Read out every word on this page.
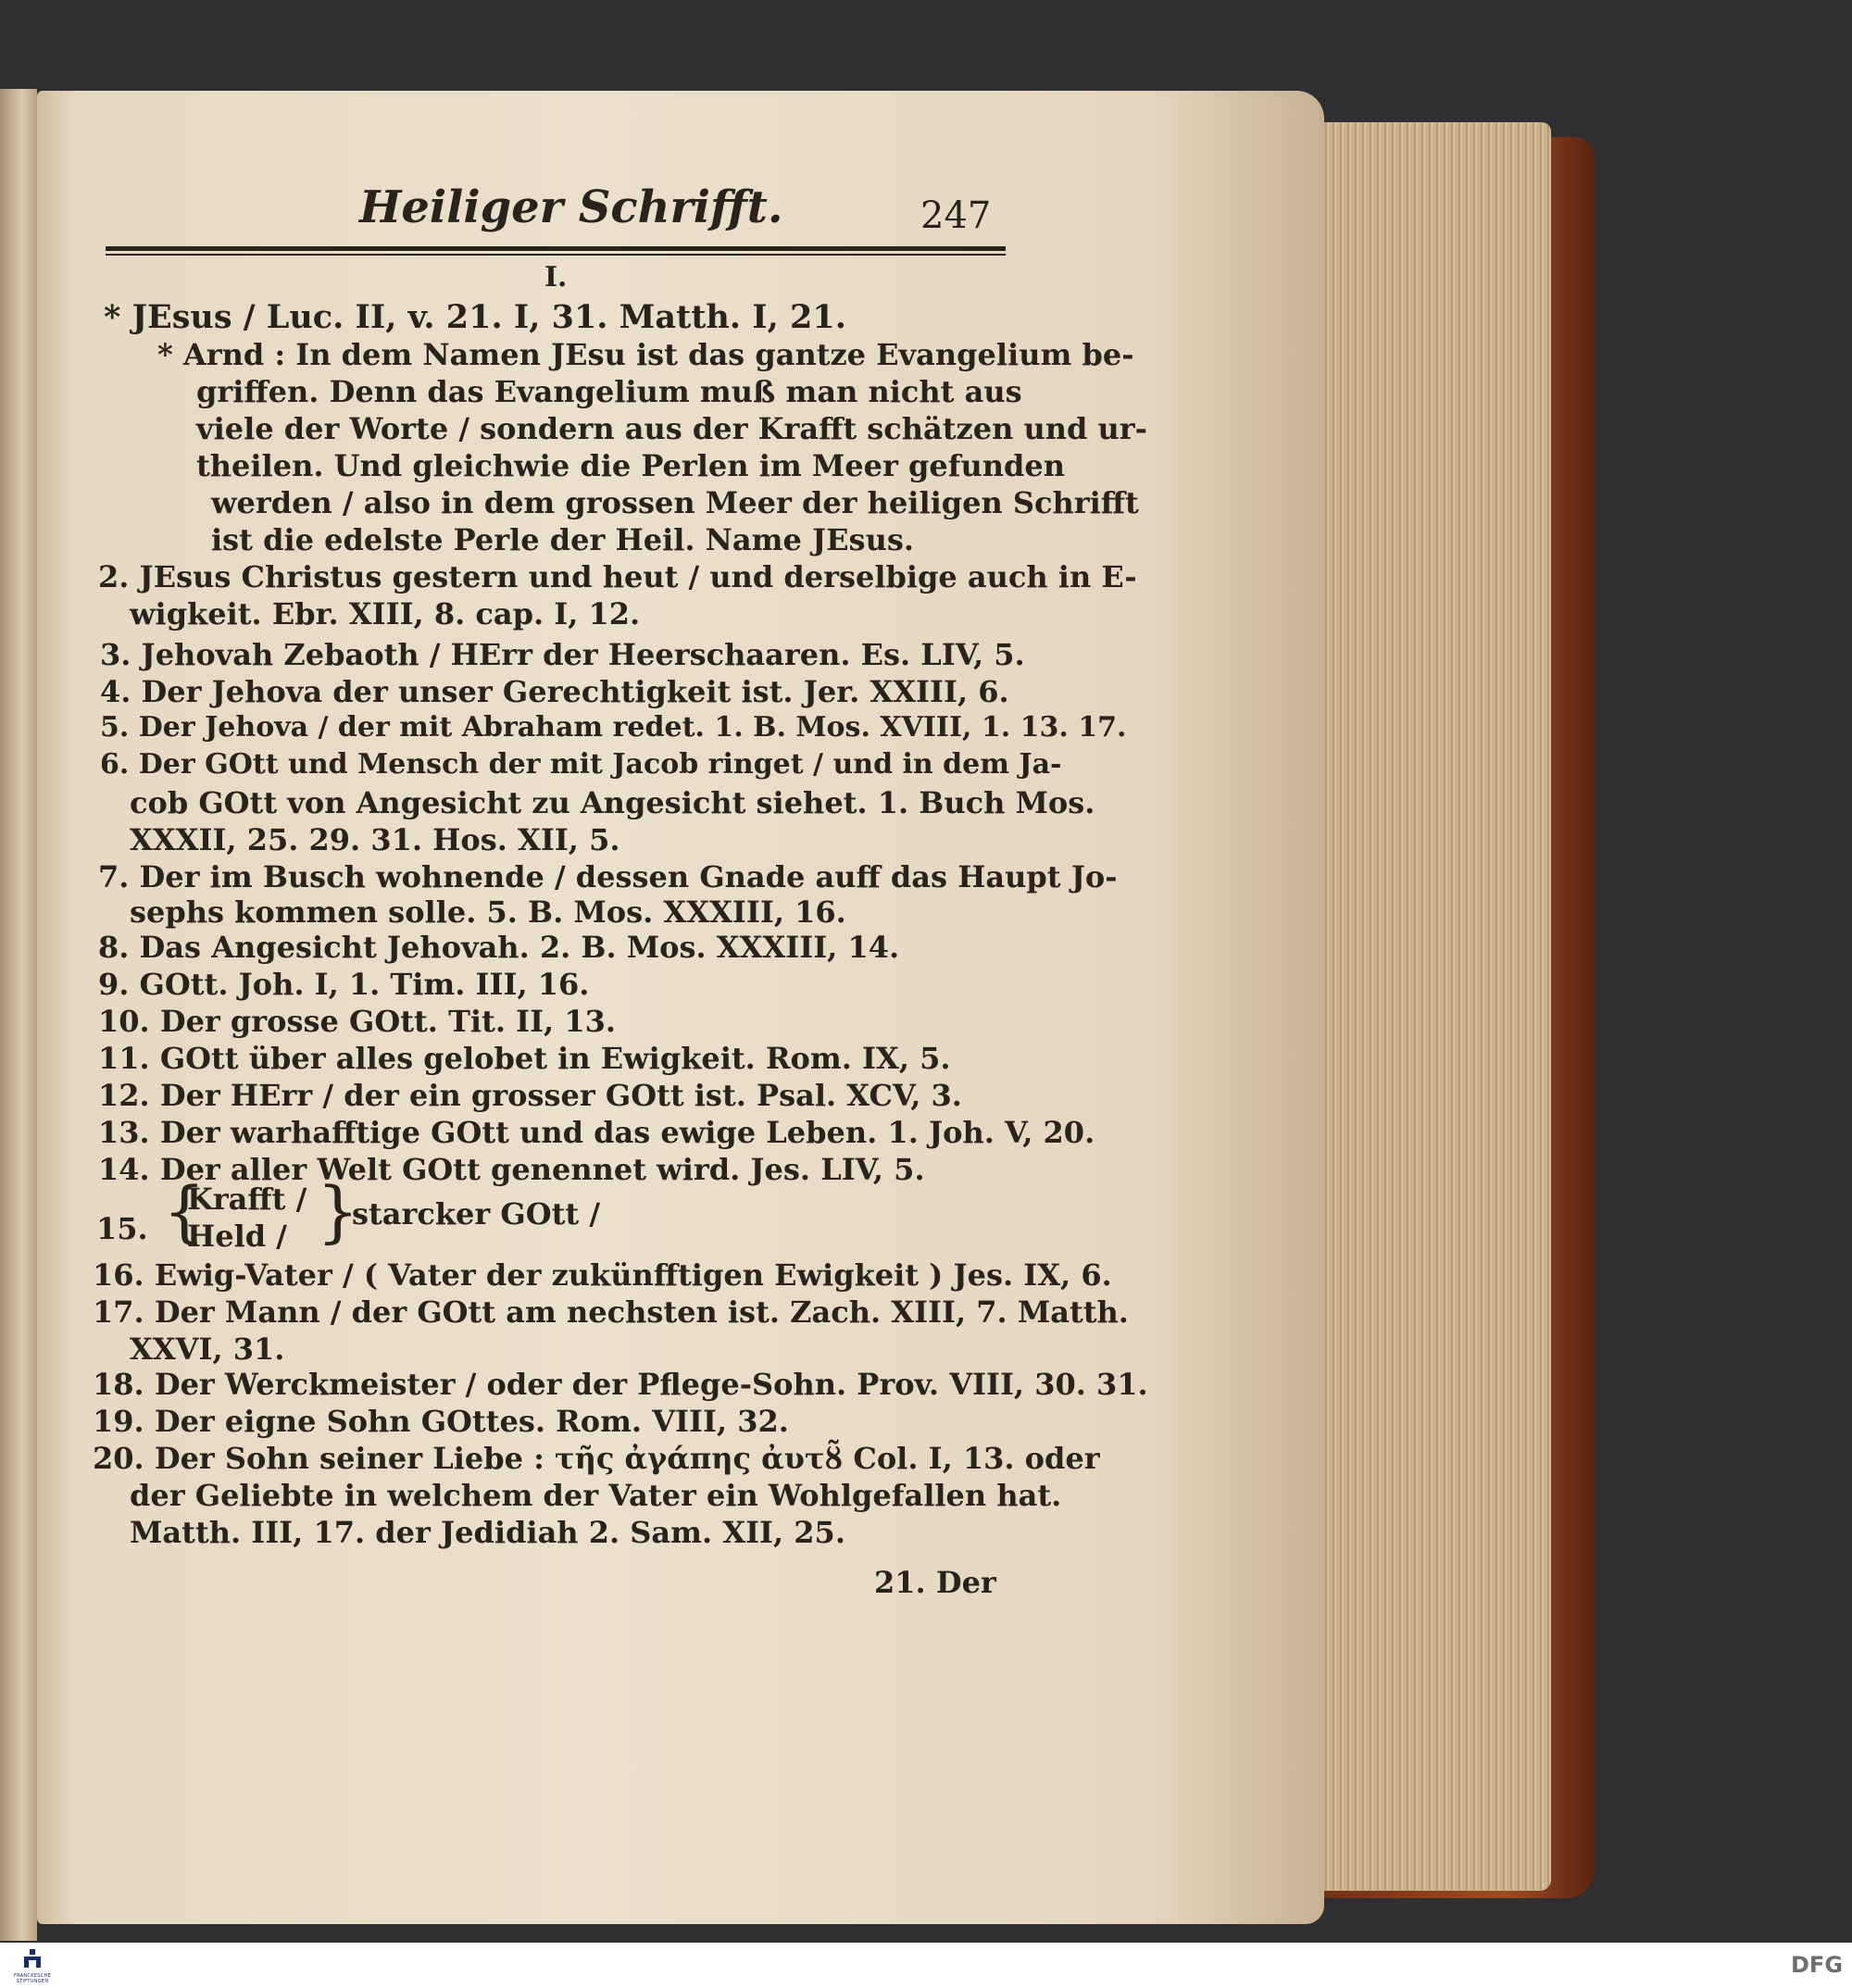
Heiliger Schrifft.	247
I.
* JEsus / Luc. II, v. 21. I, 31. Matth. I, 21.
* Arnd : In dem Namen JEsu ist das gantze Evangelium be-
griffen. Denn das Evangelium muß man nicht aus
viele der Worte / sondern aus der Krafft schätzen und ur-
theilen. Und gleichwie die Perlen im Meer gefunden
werden / also in dem grossen Meer der heiligen Schrifft
ist die edelste Perle der Heil. Name JEsus.
2. JEsus Christus gestern und heut / und derselbige auch in E-
wigkeit. Ebr. XIII, 8. cap. I, 12.
3. Jehovah Zebaoth / HErr der Heerschaaren. Es. LIV, 5.
4. Der Jehova der unser Gerechtigkeit ist. Jer. XXIII, 6.
5. Der Jehova / der mit Abraham redet. 1. B. Mos. XVIII, 1. 13. 17.
6. Der GOtt und Mensch der mit Jacob ringet / und in dem Ja-
cob GOtt von Angesicht zu Angesicht siehet. 1. Buch Mos.
XXXII, 25. 29. 31. Hos. XII, 5.
7. Der im Busch wohnende / dessen Gnade auff das Haupt Jo-
sephs kommen solle. 5. B. Mos. XXXIII, 16.
8. Das Angesicht Jehovah. 2. B. Mos. XXXIII, 14.
9. GOtt. Joh. I, 1. Tim. III, 16.
10. Der grosse GOtt. Tit. II, 13.
11. GOtt über alles gelobet in Ewigkeit. Rom. IX, 5.
12. Der HErr / der ein grosser GOtt ist. Psal. XCV, 3.
13. Der warhafftige GOtt und das ewige Leben. 1. Joh. V, 20.
14. Der aller Welt GOtt genennet wird. Jes. LIV, 5.
15. {
Krafft /
Held / }
starcker GOtt /
16. Ewig-Vater / ( Vater der zukünfftigen Ewigkeit ) Jes. IX, 6.
17. Der Mann / der GOtt am nechsten ist. Zach. XIII, 7. Matth.
XXVI, 31.
18. Der Werckmeister / oder der Pflege-Sohn. Prov. VIII, 30. 31.
19. Der eigne Sohn GOttes. Rom. VIII, 32.
20. Der Sohn seiner Liebe : τῆς ἀγάπης ἀυτȣ̃ Col. I, 13. oder
der Geliebte in welchem der Vater ein Wohlgefallen hat.
Matth. III, 17. der Jedidiah 2. Sam. XII, 25.
21. Der
FRANCKESCHE STIFTUNGEN
DFG
